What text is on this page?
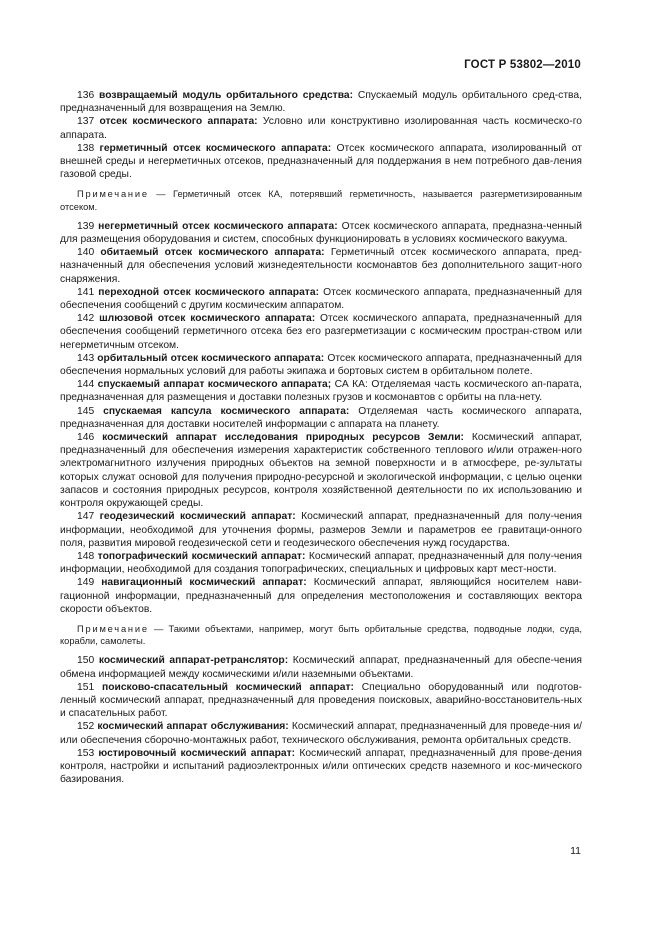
ГОСТ Р 53802—2010

136 возвращаемый модуль орбитального средства: Спускаемый модуль орбитального сред-ства, предназначенный для возвращения на Землю.

137 отсек космического аппарата: Условно или конструктивно изолированная часть космическо-го аппарата.

138 герметичный отсек космического аппарата: Отсек космического аппарата, изолированный от внешней среды и негерметичных отсеков, предназначенный для поддержания в нем потребного дав-ления газовой среды.

Примечание — Герметичный отсек КА, потерявший герметичность, называется разгерметизированным отсеком.

139 негерметичный отсек космического аппарата: Отсек космического аппарата, предназна-ченный для размещения оборудования и систем, способных функционировать в условиях космического вакуума.

140 обитаемый отсек космического аппарата: Герметичный отсек космического аппарата, пред-назначенный для обеспечения условий жизнедеятельности космонавтов без дополнительного защит-ного снаряжения.

141 переходной отсек космического аппарата: Отсек космического аппарата, предназначенный для обеспечения сообщений с другим космическим аппаратом.

142 шлюзовой отсек космического аппарата: Отсек космического аппарата, предназначенный для обеспечения сообщений герметичного отсека без его разгерметизации с космическим простран-ством или негерметичным отсеком.

143 орбитальный отсек космического аппарата: Отсек космического аппарата, предназначенный для обеспечения нормальных условий для работы экипажа и бортовых систем в орбитальном полете.

144 спускаемый аппарат космического аппарата; СА КА: Отделяемая часть космического ап-парата, предназначенная для размещения и доставки полезных грузов и космонавтов с орбиты на пла-нету.

145 спускаемая капсула космического аппарата: Отделяемая часть космического аппарата, предназначенная для доставки носителей информации с аппарата на планету.

146 космический аппарат исследования природных ресурсов Земли: Космический аппарат, предназначенный для обеспечения измерения характеристик собственного теплового и/или отражен-ного электромагнитного излучения природных объектов на земной поверхности и в атмосфере, ре-зультаты которых служат основой для получения природно-ресурсной и экологической информации, с целью оценки запасов и состояния природных ресурсов, контроля хозяйственной деятельности по их использованию и контроля окружающей среды.

147 геодезический космический аппарат: Космический аппарат, предназначенный для полу-чения информации, необходимой для уточнения формы, размеров Земли и параметров ее гравитаци-онного поля, развития мировой геодезической сети и геодезического обеспечения нужд государства.

148 топографический космический аппарат: Космический аппарат, предназначенный для полу-чения информации, необходимой для создания топографических, специальных и цифровых карт мест-ности.

149 навигационный космический аппарат: Космический аппарат, являющийся носителем нави-гационной информации, предназначенный для определения местоположения и составляющих вектора скорости объектов.

Примечание — Такими объектами, например, могут быть орбитальные средства, подводные лодки, суда, корабли, самолеты.

150 космический аппарат-ретранслятор: Космический аппарат, предназначенный для обеспе-чения обмена информацией между космическими и/или наземными объектами.

151 поисково-спасательный космический аппарат: Специально оборудованный или подготов-ленный космический аппарат, предназначенный для проведения поисковых, аварийно-восстановитель-ных и спасательных работ.

152 космический аппарат обслуживания: Космический аппарат, предназначенный для проведе-ния и/или обеспечения сборочно-монтажных работ, технического обслуживания, ремонта орбитальных средств.

153 юстировочный космический аппарат: Космический аппарат, предназначенный для прове-дения контроля, настройки и испытаний радиоэлектронных и/или оптических средств наземного и кос-мического базирования.

11
